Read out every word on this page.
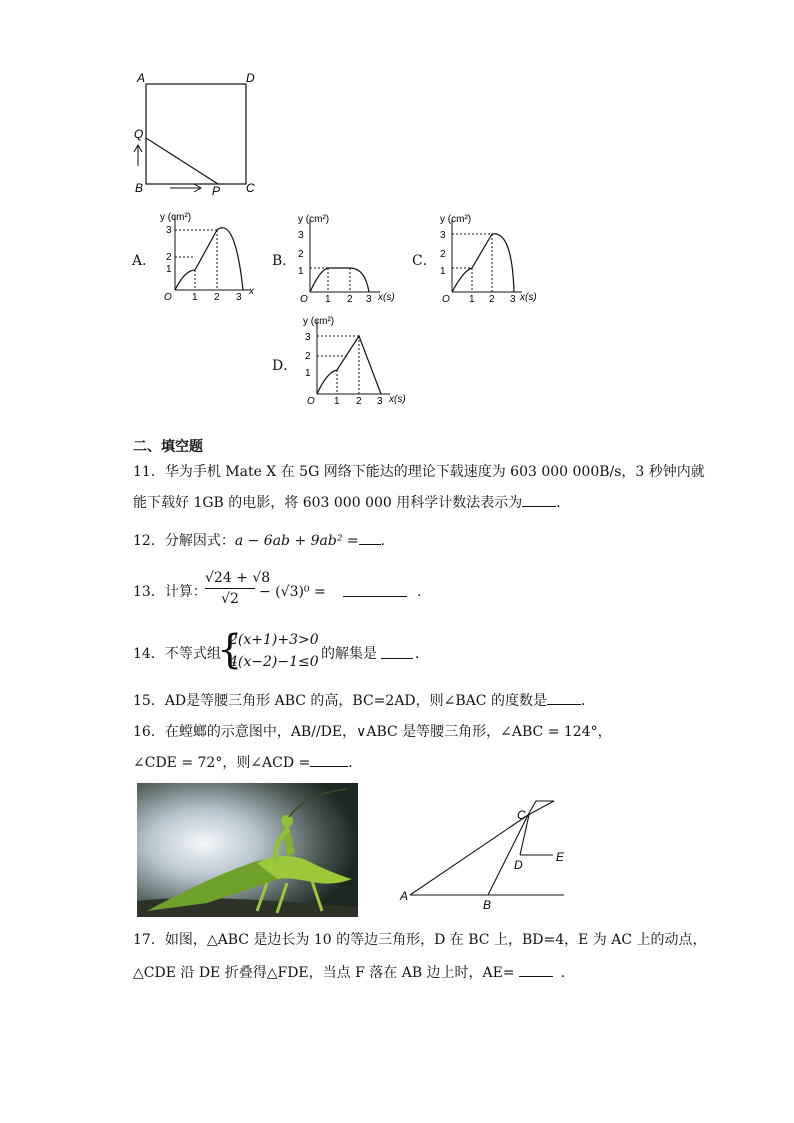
A	D
Q
B	P C
A．	B．	C．
D．
y (cm²)
3
2
1
O 1 2 3
x
y (cm²)
3
2
1
O 1 2 3 x(s)
y (cm²)
3
2
1
O 1 2 3 x(s)
y (cm²)
3
2
1
O 1 2 3 x(s)
二、填空题
11．华为手机 Mate X 在 5G 网络下能达的理论下载速度为 603 000 000B/s，3 秒钟内就
能下载好 1GB 的电影，将 603 000 000 用科学计数法表示为 ．
12．分解因式：a − 6ab + 9ab² = .
13．计算：
√24 + √8
√2	− (√3)⁰ =	.
14．不等式组
{
2(x+1)+3>0
4(x−2)−1≤0 的解集是	．
15．AD是等腰三角形 ABC 的高，BC=2AD，则∠BAC 的度数是 ．
16．在螳螂的示意图中，AB//DE，∨ABC 是等腰三角形，∠ABC = 124°，
∠CDE = 72°，则∠ACD =	．
A
B
C
D
E
17．如图，△ABC 是边长为 10 的等边三角形，D 在 BC 上，BD=4，E 为 AC 上的动点，
△CDE 沿 DE 折叠得△FDE，当点 F 落在 AB 边上时，AE=	．
